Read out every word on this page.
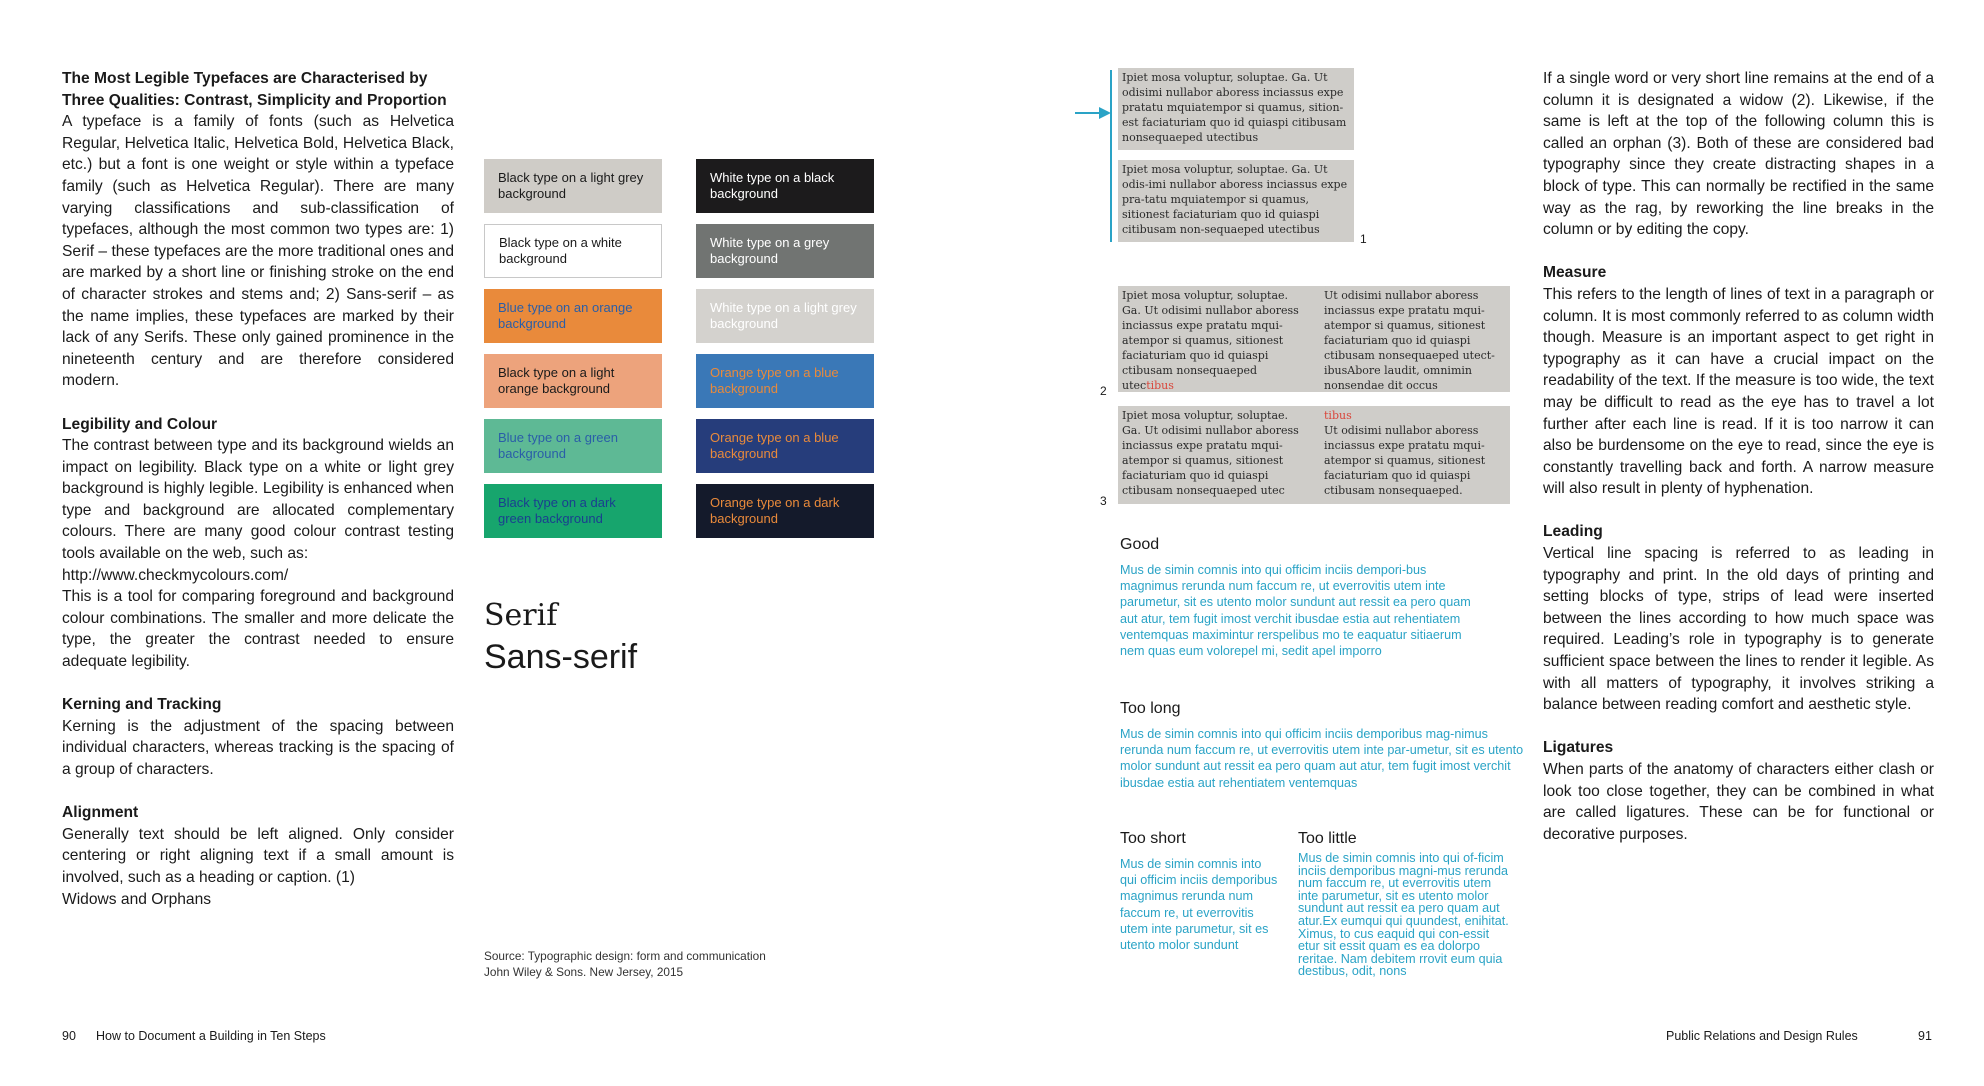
The Most Legible Typefaces are Characterised by Three Qualities: Contrast, Simplicity and Proportion

A typeface is a family of fonts (such as Helvetica Regular, Helvetica Italic, Helvetica Bold, Helvetica Black, etc.) but a font is one weight or style within a typeface family (such as Helvetica Regular). There are many varying classifications and sub-classification of typefaces, although the most common two types are: 1) Serif – these typefaces are the more traditional ones and are marked by a short line or finishing stroke on the end of character strokes and stems and; 2) Sans-serif – as the name implies, these typefaces are marked by their lack of any Serifs. These only gained prominence in the nineteenth century and are therefore considered modern.

Legibility and Colour

The contrast between type and its background wields an impact on legibility. Black type on a white or light grey background is highly legible. Legibility is enhanced when type and background are allocated complementary colours. There are many good colour contrast testing tools available on the web, such as:

http://www.checkmycolours.com/

This is a tool for comparing foreground and background colour combinations. The smaller and more delicate the type, the greater the contrast needed to ensure adequate legibility.

Kerning and Tracking

Kerning is the adjustment of the spacing between individual characters, whereas tracking is the spacing of a group of characters.

Alignment

Generally text should be left aligned. Only consider centering or right aligning text if a small amount is involved, such as a heading or caption. (1)

Widows and Orphans

Black type on a light grey background
White type on a black background
Black type on a white background
White type on a grey background
Blue type on an orange background
White type on a light grey background
Black type on a light orange background
Orange type on a blue background
Blue type on a green background
Orange type on a blue background
Black type on a dark green background
Orange type on a dark background
Serif
Sans-serif
Source: Typographic design: form and communication
John Wiley & Sons. New Jersey, 2015

Ipiet mosa voluptur, soluptae. Ga. Ut odisimi nullabor aboress inciassus expe pratatu mquiatempor si quamus, sition-est faciaturiam quo id quiaspi citibusam nonsequaeped utectibus

Ipiet mosa voluptur, soluptae. Ga. Ut odis-imi nullabor aboress inciassus expe pra-tatu mquiatempor si quamus, sitionest faciaturiam quo id quiaspi citibusam non-sequaeped utectibus

1

Ipiet mosa voluptur, soluptae. Ga. Ut odisimi nullabor aboress inciassus expe pratatu mqui-atempor si quamus, sitionest faciaturiam quo id quiaspi ctibusam nonsequaeped utectibus

Ut odisimi nullabor aboress inciassus expe pratatu mqui-atempor si quamus, sitionest faciaturiam quo id quiaspi ctibusam nonsequaeped utect-ibusAbore laudit, omnimin nonsendae dit occus

2

Ipiet mosa voluptur, soluptae. Ga. Ut odisimi nullabor aboress inciassus expe pratatu mqui-atempor si quamus, sitionest faciaturiam quo id quiaspi ctibusam nonsequaeped utec

tibus
Ut odisimi nullabor aboress inciassus expe pratatu mqui-atempor si quamus, sitionest faciaturiam quo id quiaspi ctibusam nonsequaeped.

3
Good
Mus de simin comnis into qui officim inciis dempori-bus magnimus rerunda num faccum re, ut everrovitis utem inte parumetur, sit es utento molor sundunt aut ressit ea pero quam aut atur, tem fugit imost verchit ibusdae estia aut rehentiatem ventemquas maximintur rerspelibus mo te eaquatur sitiaerum nem quas eum volorepel mi, sedit apel imporro
Too long
Mus de simin comnis into qui officim inciis demporibus mag-nimus rerunda num faccum re, ut everrovitis utem inte par-umetur, sit es utento molor sundunt aut ressit ea pero quam aut atur, tem fugit imost verchit ibusdae estia aut rehentiatem ventemquas
Too short
Mus de simin comnis into qui officim inciis demporibus magnimus rerunda num faccum re, ut everrovitis utem inte parumetur, sit es utento molor sundunt
Too little
Mus de simin comnis into qui of-ficim inciis demporibus magni-mus rerunda num faccum re, ut everrovitis utem inte parumetur, sit es utento molor sundunt aut ressit ea pero quam aut atur.Ex eumqui qui quundest, enihitat. Ximus, to cus eaquid qui con-essit etur sit essit quam es ea dolorpo reritae. Nam debitem rrovit eum quia destibus, odit, nons

If a single word or very short line remains at the end of a column it is designated a widow (2). Likewise, if the same is left at the top of the following column this is called an orphan (3). Both of these are considered bad typography since they create distracting shapes in a block of type. This can normally be rectified in the same way as the rag, by reworking the line breaks in the column or by editing the copy.

Measure

This refers to the length of lines of text in a paragraph or column. It is most commonly referred to as column width though. Measure is an important aspect to get right in typography as it can have a crucial impact on the readability of the text. If the measure is too wide, the text may be difficult to read as the eye has to travel a lot further after each line is read. If it is too narrow it can also be burdensome on the eye to read, since the eye is constantly travelling back and forth. A narrow measure will also result in plenty of hyphenation.

Leading

Vertical line spacing is referred to as leading in typography and print. In the old days of printing and setting blocks of type, strips of lead were inserted between the lines according to how much space was required. Leading’s role in typography is to generate sufficient space between the lines to render it legible. As with all matters of typography, it involves striking a balance between reading comfort and aesthetic style.

Ligatures

When parts of the anatomy of characters either clash or look too close together, they can be combined in what are called ligatures. These can be for functional or decorative purposes.

90 How to Document a Building in Ten Steps	Public Relations and Design Rules	91
